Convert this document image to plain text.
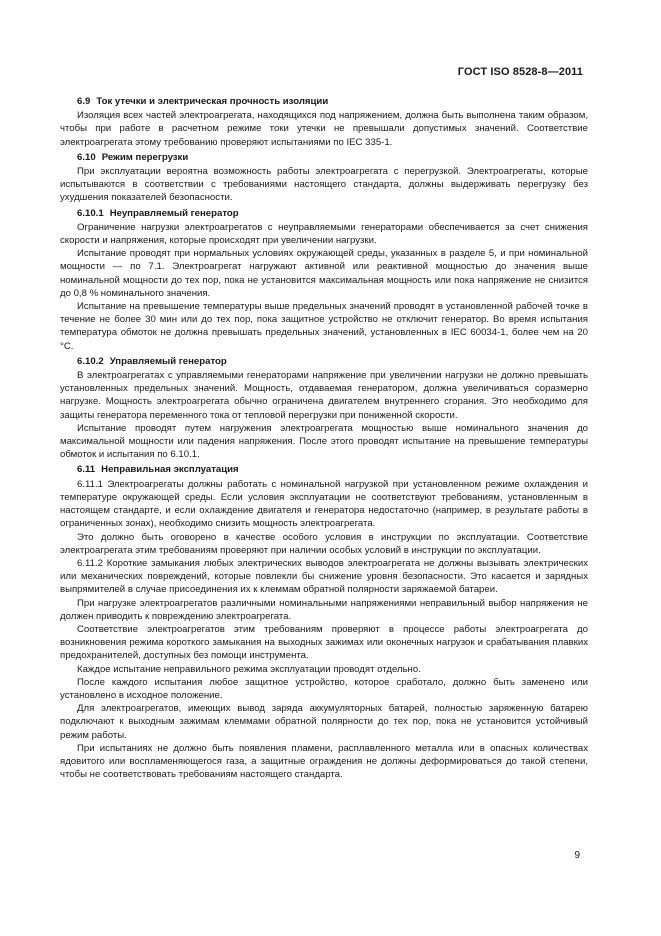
ГОСТ ISO 8528-8—2011
6.9 Ток утечки и электрическая прочность изоляции

Изоляция всех частей электроагрегата, находящихся под напряжением, должна быть выполнена таким образом, чтобы при работе в расчетном режиме токи утечки не превышали допустимых значений. Соответствие электроагрегата этому требованию проверяют испытаниями по IEC 335-1.

6.10 Режим перегрузки

При эксплуатации вероятна возможность работы электроагрегата с перегрузкой. Электроагрегаты, которые испытываются в соответствии с требованиями настоящего стандарта, должны выдерживать перегрузку без ухудшения показателей безопасности.

6.10.1 Неуправляемый генератор

Ограничение нагрузки электроагрегатов с неуправляемыми генераторами обеспечивается за счет снижения скорости и напряжения, которые происходят при увеличении нагрузки.

Испытание проводят при нормальных условиях окружающей среды, указанных в разделе 5, и при номинальной мощности — по 7.1. Электроагрегат нагружают активной или реактивной мощностью до значения выше номинальной мощности до тех пор, пока не установится максимальная мощность или пока напряжение не снизится до 0,8 % номинального значения.

Испытание на превышение температуры выше предельных значений проводят в установленной рабочей точке в течение не более 30 мин или до тех пор, пока защитное устройство не отключит генератор. Во время испытания температура обмоток не должна превышать предельных значений, установленных в IEC 60034-1, более чем на 20 °C.

6.10.2 Управляемый генератор

В электроагрегатах с управляемыми генераторами напряжение при увеличении нагрузки не должно превышать установленных предельных значений. Мощность, отдаваемая генератором, должна увеличиваться соразмерно нагрузке. Мощность электроагрегата обычно ограничена двигателем внутреннего сгорания. Это необходимо для защиты генератора переменного тока от тепловой перегрузки при пониженной скорости.

Испытание проводят путем нагружения электроагрегата мощностью выше номинального значения до максимальной мощности или падения напряжения. После этого проводят испытание на превышение температуры обмоток и испытания по 6.10.1.

6.11 Неправильная эксплуатация

6.11.1 Электроагрегаты должны работать с номинальной нагрузкой при установленном режиме охлаждения и температуре окружающей среды. Если условия эксплуатации не соответствуют требованиям, установленным в настоящем стандарте, и если охлаждение двигателя и генератора недостаточно (например, в результате работы в ограниченных зонах), необходимо снизить мощность электроагрегата.

Это должно быть оговорено в качестве особого условия в инструкции по эксплуатации. Соответствие электроагрегата этим требованиям проверяют при наличии особых условий в инструкции по эксплуатации.

6.11.2 Короткие замыкания любых электрических выводов электроагрегата не должны вызывать электрических или механических повреждений, которые повлекли бы снижение уровня безопасности. Это касается и зарядных выпрямителей в случае присоединения их к клеммам обратной полярности заряжаемой батареи.

При нагрузке электроагрегатов различными номинальными напряжениями неправильный выбор напряжения не должен приводить к повреждению электроагрегата.

Соответствие электроагрегатов этим требованиям проверяют в процессе работы электроагрегата до возникновения режима короткого замыкания на выходных зажимах или оконечных нагрузок и срабатывания плавких предохранителей, доступных без помощи инструмента.

Каждое испытание неправильного режима эксплуатации проводят отдельно.

После каждого испытания любое защитное устройство, которое сработало, должно быть заменено или установлено в исходное положение.

Для электроагрегатов, имеющих вывод заряда аккумуляторных батарей, полностью заряженную батарею подключают к выходным зажимам клеммами обратной полярности до тех пор, пока не установится устойчивый режим работы.

При испытаниях не должно быть появления пламени, расплавленного металла или в опасных количествах ядовитого или воспламеняющегося газа, а защитные ограждения не должны деформироваться до такой степени, чтобы не соответствовать требованиям настоящего стандарта.

9
